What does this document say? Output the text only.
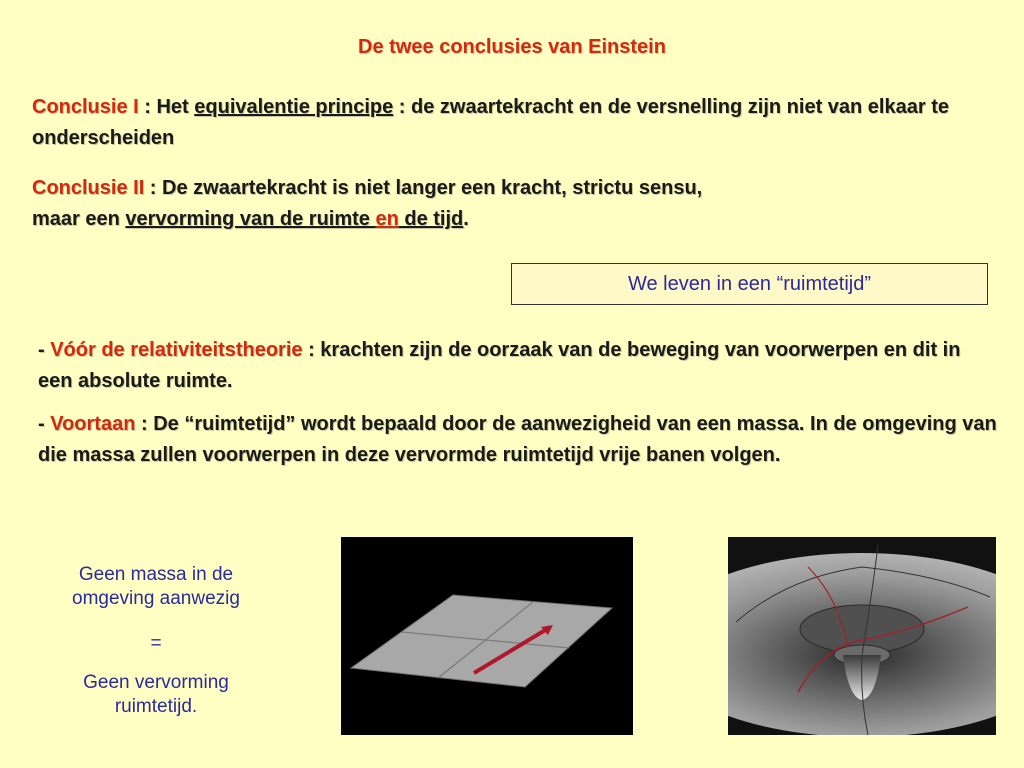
De twee conclusies van Einstein
Conclusie I : Het equivalentie principe : de zwaartekracht en de versnelling zijn niet van elkaar te onderscheiden
Conclusie II : De zwaartekracht is niet langer een kracht, strictu sensu,
maar een vervorming van de ruimte en de tijd.
We leven in een “ruimtetijd”
- Vóór de relativiteitstheorie : krachten zijn de oorzaak van de beweging van voorwerpen en dit in een absolute ruimte.
- Voortaan : De “ruimtetijd” wordt bepaald door de aanwezigheid van een massa. In de omgeving van die massa zullen voorwerpen in deze vervormde ruimtetijd vrije banen volgen.
Geen massa in de omgeving aanwezig
=
Geen vervorming ruimtetijd.
